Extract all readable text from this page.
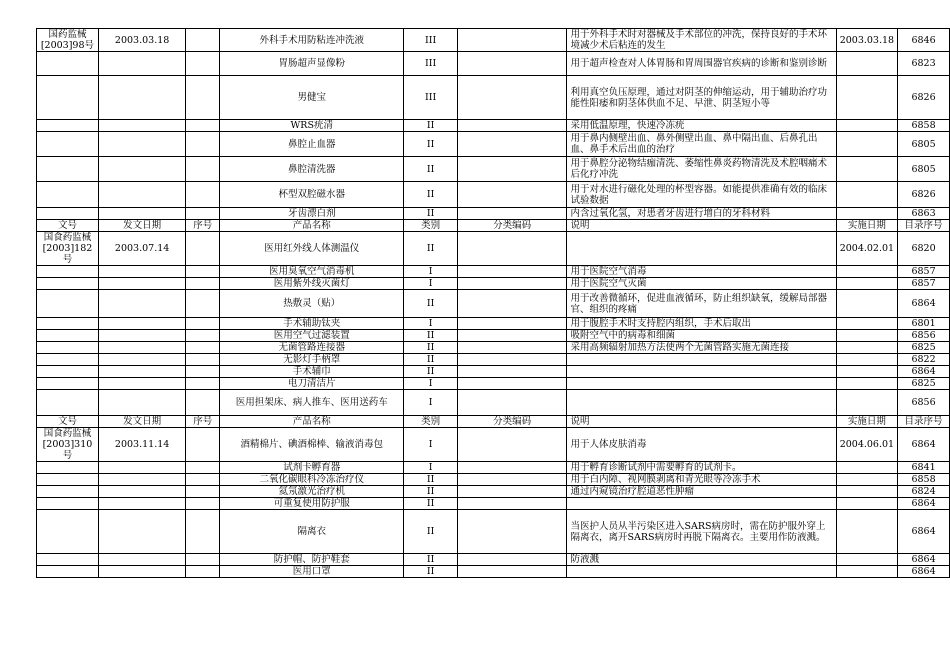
国药监械
[2003]98号	2003.03.18		外科手术用防粘连冲洗液	III		用于外科手术时对器械及手术部位的冲洗，保持良好的手术环境减少术后粘连的发生	2003.03.18	6846
			胃肠超声显像粉	III		用于超声检查对人体胃肠和胃周围器官疾病的诊断和鉴别诊断		6823
			男健宝	III		利用真空负压原理，通过对阴茎的伸缩运动，用于辅助治疗功能性阳痿和阴茎体供血不足、早泄、阴茎短小等		6826
			WRS疣清	II		采用低温原理，快速冷冻疣		6858
			鼻腔止血器	II		用于鼻内侧壁出血、鼻外侧壁出血、鼻中隔出血、后鼻孔出血、鼻手术后出血的治疗		6805
			鼻腔清洗器	II		用于鼻腔分泌物结痂清洗、萎缩性鼻炎药物清洗及术腔咽痛术后化疗冲洗		6805
			杯型双腔磁水器	II		用于对水进行磁化处理的杯型容器。如能提供准确有效的临床试验数据		6826
			牙齿漂白剂	II		内含过氧化氢，对患者牙齿进行增白的牙科材料		6863
文号	发文日期	序号	产品名称	类别	分类编码	说明	实施日期	目录序号

国食药监械
[2003]182号	2003.07.14		医用红外线人体测温仪	II			2004.02.01	6820
			医用臭氧空气消毒机	I		用于医院空气消毒		6857
			医用紫外线灭菌灯	I		用于医院空气灭菌		6857
			热敷灵（贴）	II		用于改善微循环，促进血液循环，防止组织缺氧，缓解局部器官、组织的疼痛		6864
			手术辅助钛夹	I		用于腹腔手术时支持腔内组织，手术后取出		6801
			医用空气过滤装置	II		吸附空气中的病毒和细菌		6856
			无菌管路连接器	II		采用高频辐射加热方法使两个无菌管路实施无菌连接		6825
			无影灯手柄罩	II				6822
			手术辅巾	II				6864
			电刀清洁片	I				6825
			医用担架床、病人推车、医用送药车	I				6856
文号	发文日期	序号	产品名称	类别	分类编码	说明	实施日期	目录序号

国食药监械
[2003]310号	2003.11.14		酒精棉片、碘酒棉棒、输液消毒包	I		用于人体皮肤消毒	2004.06.01	6864
			试剂卡孵育器	I		用于孵育诊断试剂中需要孵育的试剂卡。		6841
			二氧化碳眼科冷冻治疗仪	II		用于白内障、视网膜剥离和青光眼等冷冻手术		6858
			氦氖激光治疗机	II		通过内窥镜治疗腔道恶性肿瘤		6824
			可重复使用防护服	II				6864
			隔离衣	II		当医护人员从半污染区进入SARS病房时，需在防护服外穿上隔离衣，离开SARS病房时再脱下隔离衣。主要用作防液溅。		6864
			防护帽、防护鞋套	II		防液溅		6864
			医用口罩	II				6864
